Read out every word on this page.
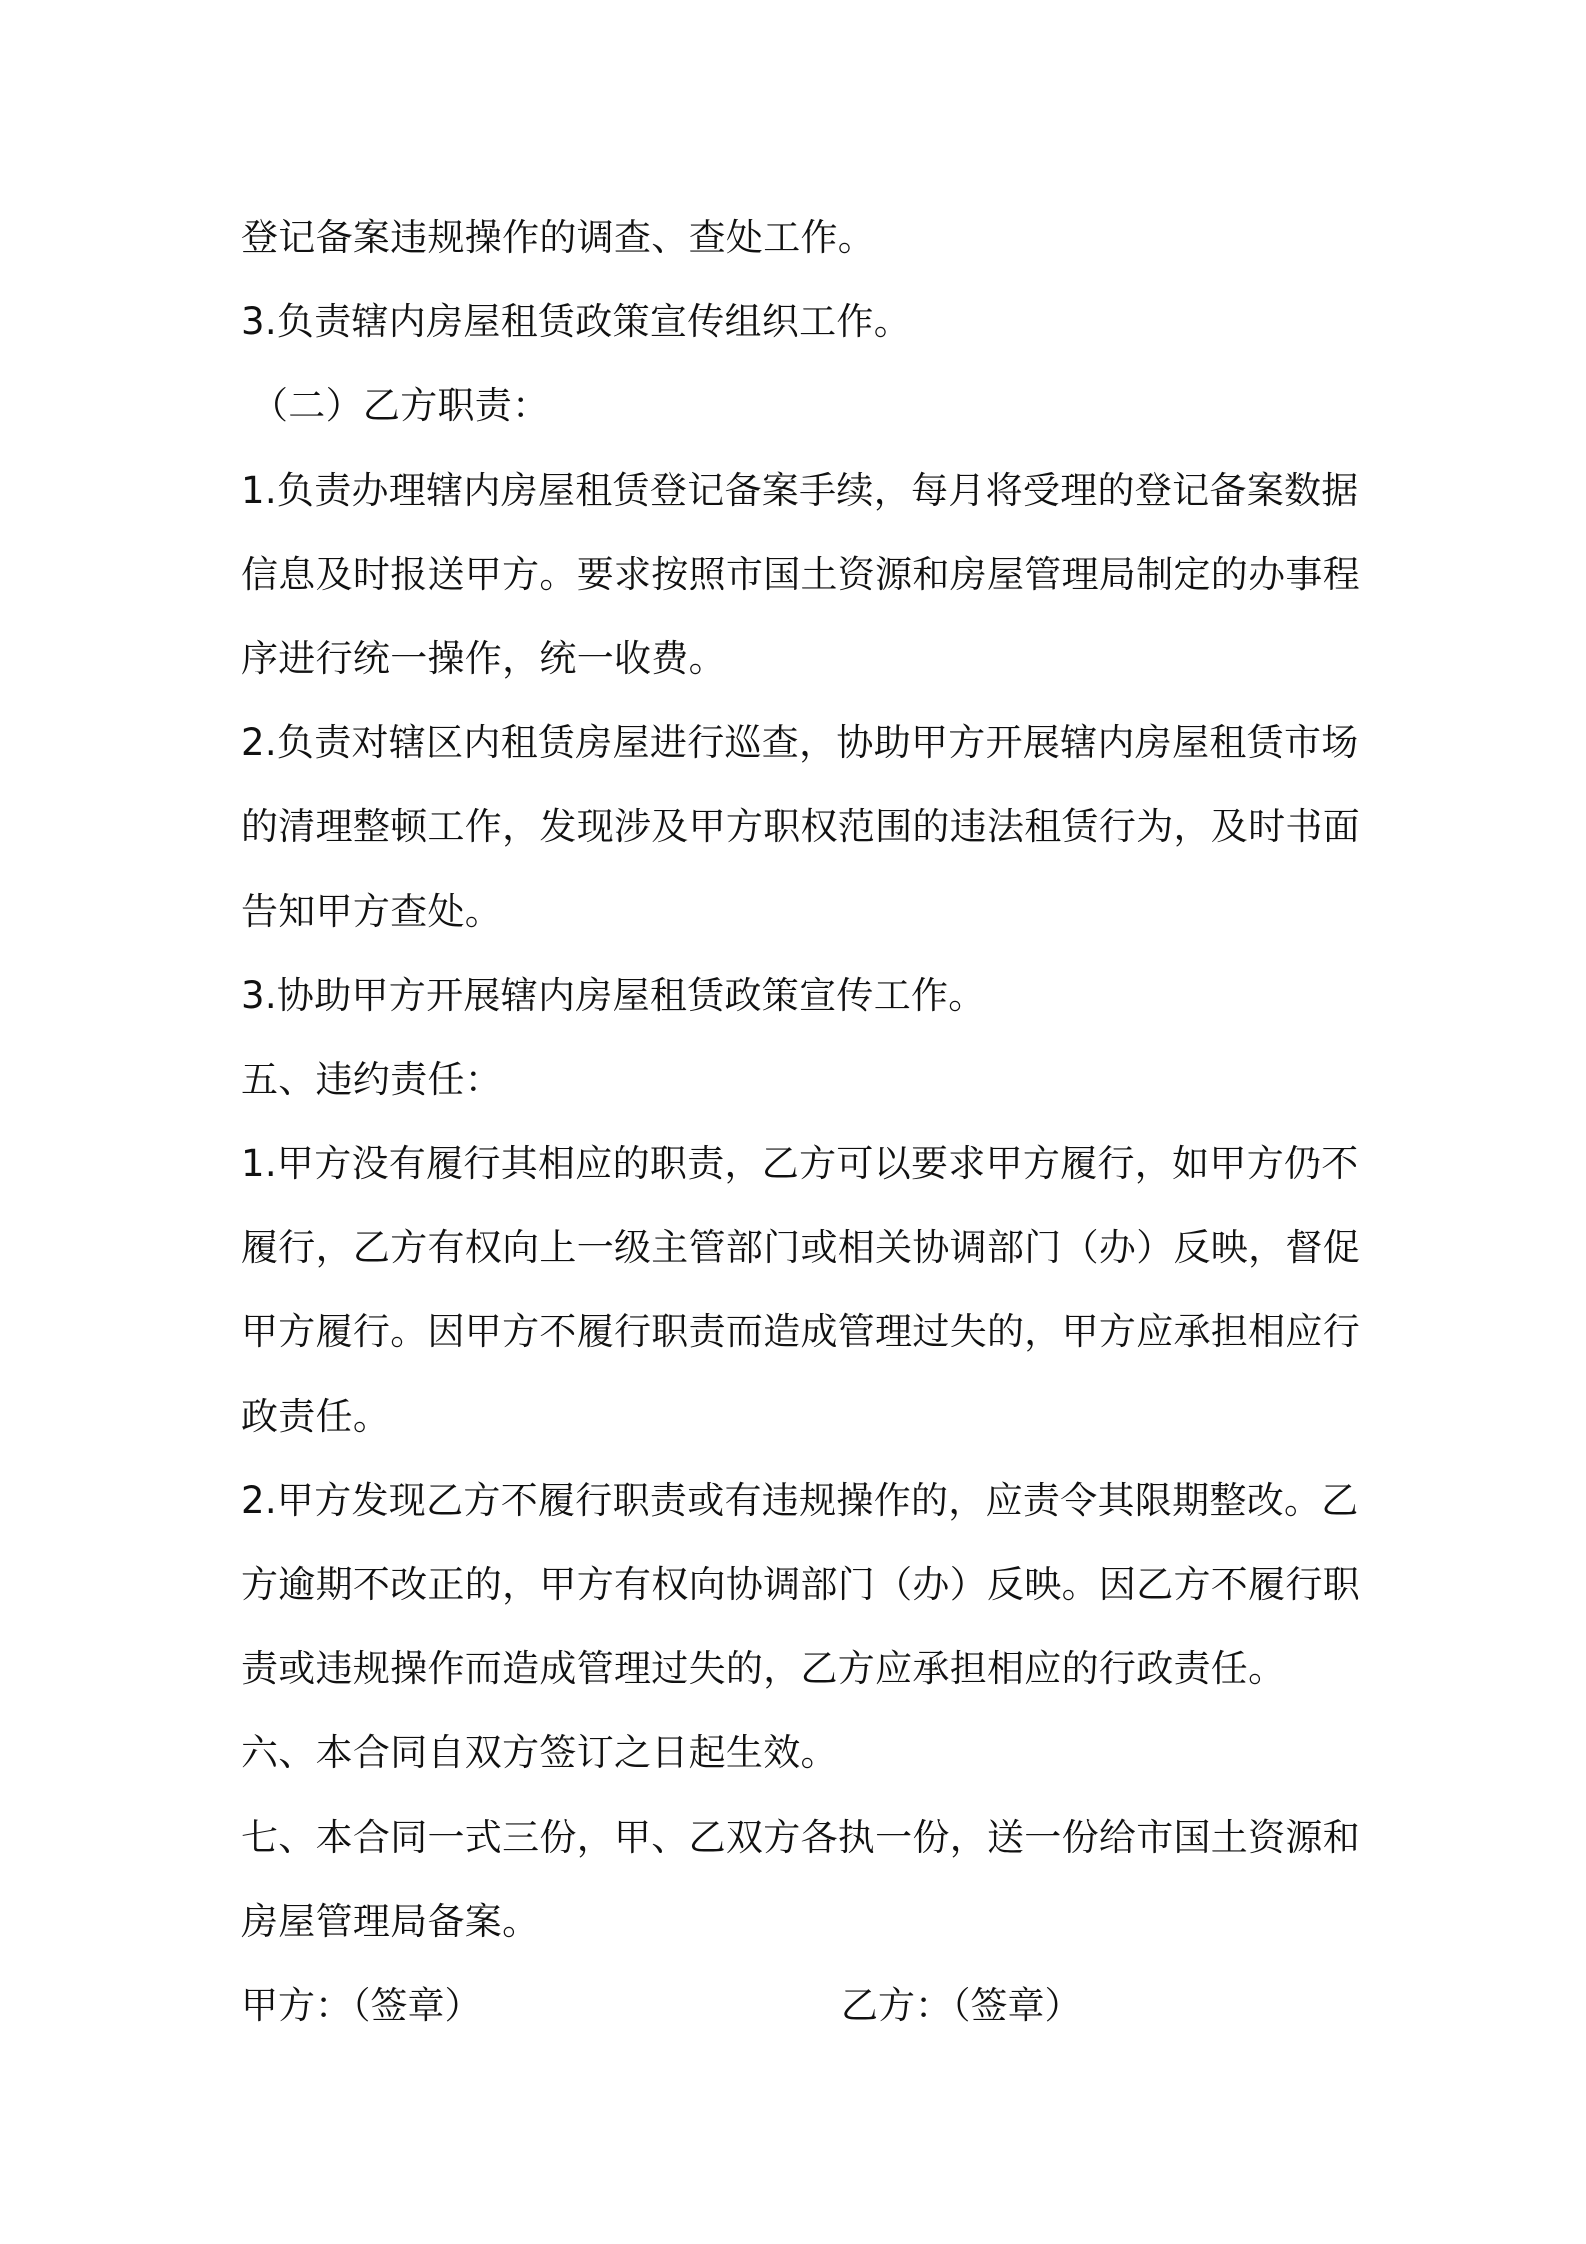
登记备案违规操作的调查、查处工作。
3.负责辖内房屋租赁政策宣传组织工作。
（二）乙方职责：
1.负责办理辖内房屋租赁登记备案手续，每月将受理的登记备案数据
信息及时报送甲方。要求按照市国土资源和房屋管理局制定的办事程
序进行统一操作，统一收费。
2.负责对辖区内租赁房屋进行巡查，协助甲方开展辖内房屋租赁市场
的清理整顿工作，发现涉及甲方职权范围的违法租赁行为，及时书面
告知甲方查处。
3.协助甲方开展辖内房屋租赁政策宣传工作。
五、违约责任：
1.甲方没有履行其相应的职责，乙方可以要求甲方履行，如甲方仍不
履行，乙方有权向上一级主管部门或相关协调部门（办）反映，督促
甲方履行。因甲方不履行职责而造成管理过失的，甲方应承担相应行
政责任。
2.甲方发现乙方不履行职责或有违规操作的，应责令其限期整改。乙
方逾期不改正的，甲方有权向协调部门（办）反映。因乙方不履行职
责或违规操作而造成管理过失的，乙方应承担相应的行政责任。
六、本合同自双方签订之日起生效。
七、本合同一式三份，甲、乙双方各执一份，送一份给市国土资源和
房屋管理局备案。
甲方：（签章）	乙方：（签章）
